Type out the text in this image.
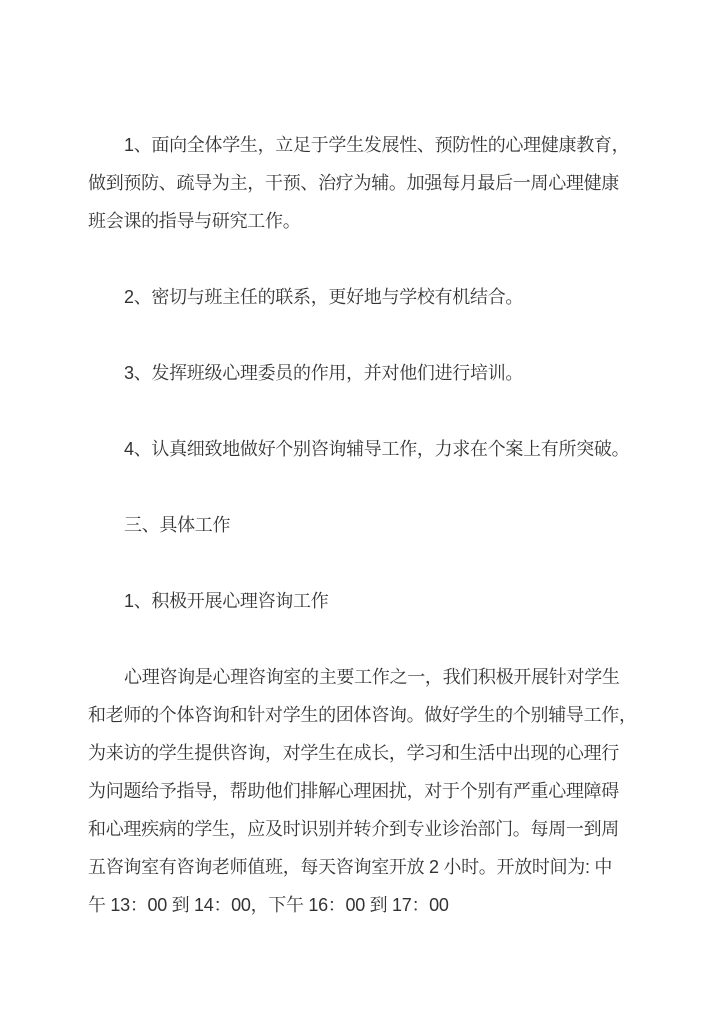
1、面向全体学生，立足于学生发展性、预防性的心理健康教育，
做到预防、疏导为主，干预、治疗为辅。加强每月最后一周心理健康
班会课的指导与研究工作。
2、密切与班主任的联系，更好地与学校有机结合。
3、发挥班级心理委员的作用，并对他们进行培训。
4、认真细致地做好个别咨询辅导工作，力求在个案上有所突破。
三、具体工作
1、积极开展心理咨询工作
心理咨询是心理咨询室的主要工作之一，我们积极开展针对学生
和老师的个体咨询和针对学生的团体咨询。做好学生的个别辅导工作，
为来访的学生提供咨询，对学生在成长，学习和生活中出现的心理行
为问题给予指导，帮助他们排解心理困扰，对于个别有严重心理障碍
和心理疾病的学生，应及时识别并转介到专业诊治部门。每周一到周
五咨询室有咨询老师值班，每天咨询室开放 2 小时。开放时间为: 中
午 13：00 到 14：00，下午 16：00 到 17：00
